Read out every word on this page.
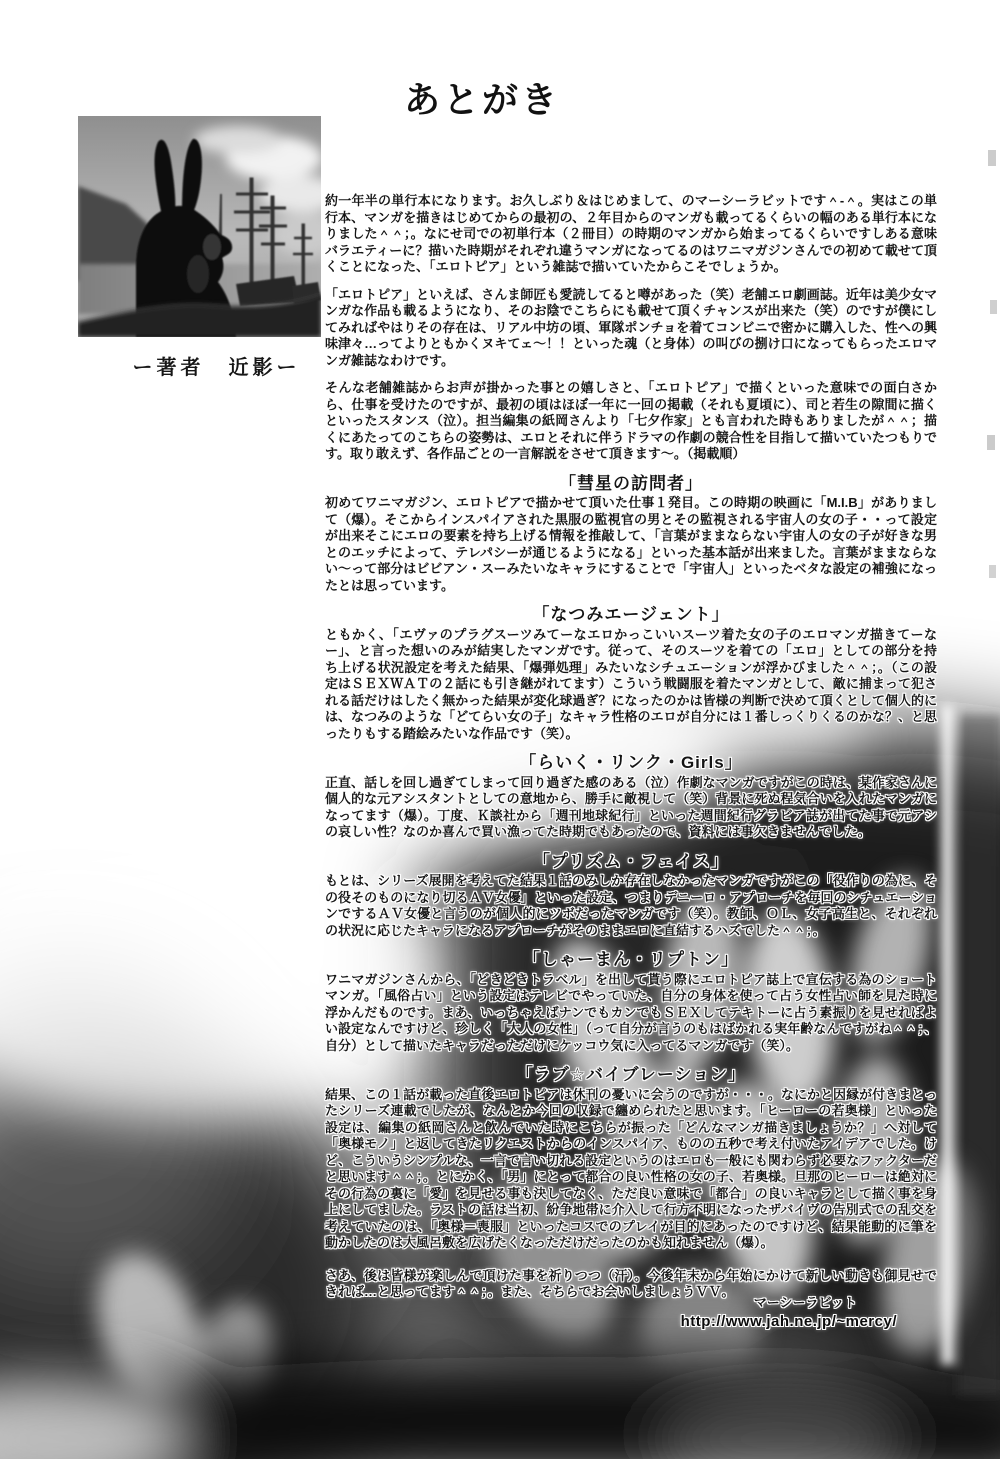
あとがき
ー著者　近影ー

約一年半の単行本になります。お久しぶり＆はじめまして、のマーシーラビットです＾-＾。実はこの単行本、マンガを描きはじめてからの最初の、２年目からのマンガも載ってるくらいの幅のある単行本になりました＾＾；。なにせ司での初単行本（２冊目）の時期のマンガから始まってるくらいですしある意味バラエティーに？描いた時期がそれぞれ違うマンガになってるのはワニマガジンさんでの初めて載せて頂くことになった、「エロトピア」という雑誌で描いていたからこそでしょうか。

「エロトピア」といえば、さんま師匠も愛読してると噂があった（笑）老舗エロ劇画誌。近年は美少女マンガな作品も載るようになり、そのお陰でこちらにも載せて頂くチャンスが出来た（笑）のですが僕にしてみればやはりその存在は、リアル中坊の頃、軍隊ポンチョを着てコンビニで密かに購入した、性への興味津々…ってよりともかくヌキてェ〜！！といった魂（と身体）の叫びの捌け口になってもらったエロマンガ雑誌なわけです。

そんな老舗雑誌からお声が掛かった事との嬉しさと、「エロトピア」で描くといった意味での面白さから、仕事を受けたのですが、最初の頃はほぼ一年に一回の掲載（それも夏頃に）、司と若生の隙間に描くといったスタンス（泣）。担当編集の紙岡さんより「七夕作家」とも言われた時もありましたが＾＾；描くにあたってのこちらの姿勢は、エロとそれに伴うドラマの作劇の競合性を目指して描いていたつもりです。取り敢えず、各作品ごとの一言解説をさせて頂きます〜。（掲載順）

「彗星の訪問者」

初めてワニマガジン、エロトピアで描かせて頂いた仕事１発目。この時期の映画に「M.I.B」がありまして（爆）。そこからインスパイアされた黒服の監視官の男とその監視される宇宙人の女の子・・って設定が出来そこにエロの要素を持ち上げる情報を推敲して、「言葉がままならない宇宙人の女の子が好きな男とのエッチによって、テレパシーが通じるようになる」といった基本話が出来ました。言葉がままならない〜って部分はビビアン・スーみたいなキャラにすることで「宇宙人」といったベタな設定の補強になったとは思っています。

「なつみエージェント」

ともかく、「エヴァのプラグスーツみてーなエロかっこいいスーツ着た女の子のエロマンガ描きてーなー」、と言った想いのみが結実したマンガです。従って、そのスーツを着ての「エロ」としての部分を持ち上げる状況設定を考えた結果、「爆弾処理」みたいなシチュエーションが浮かびました＾＾；。（この設定はＳＥＸＷＡＴの２話にも引き継がれてます）こういう戦闘服を着たマンガとして、敵に捕まって犯される話だけはしたく無かった結果が変化球過ぎ？になったのかは皆様の判断で決めて頂くとして個人的には、なつみのような「どてらい女の子」なキャラ性格のエロが自分には１番しっくりくるのかな？、と思ったりもする踏絵みたいな作品です（笑）。

「らいく・リンク・Girls」

正直、話しを回し過ぎてしまって回り過ぎた感のある（泣）作劇なマンガですがこの時は、某作家さんに個人的な元アシスタントとしての意地から、勝手に敵視して（笑）背景に死ぬ程気合いを入れたマンガになってます（爆）。丁度、Ｋ談社から「週刊地球紀行」といった週間紀行グラビア誌が出てた事で元アシの哀しい性？なのか喜んで買い漁ってた時期でもあったので、資料には事欠きませんでした。

「プリズム・フェイス」

もとは、シリーズ展開を考えてた結果１話のみしか存在しなかったマンガですがこの「役作りの為に、その役そのものになり切るＡＶ女優」といった設定、つまりデニーロ・アプローチを毎回のシチュエーションでするＡＶ女優と言うのが個人的にツボだったマンガです（笑）。教師、ＯＬ、女子高生と、それぞれの状況に応じたキャラになるアプローチがそのままエロに直結するハズでした＾＾；。

「しゃーまん・リプトン」

ワニマガジンさんから、「どきどきトラベル」を出して貰う際にエロトピア誌上で宣伝する為のショートマンガ。「風俗占い」という設定はテレビでやっていた、自分の身体を使って占う女性占い師を見た時に浮かんだものです。まあ、いっちゃえばナンでもカンでもＳＥＸしてテキトーに占う素振りを見せればよい設定なんですけど、珍しく「大人の女性」（って自分が言うのもはばかれる実年齢なんですがね＾＾；、自分）として描いたキャラだっただけにケッコウ気に入ってるマンガです（笑）。

「ラブ☆バイブレーション」

結果、この１話が載った直後エロトピアは休刊の憂いに会うのですが・・・。なにかと因縁が付きまとったシリーズ連載でしたが、なんとか今回の収録で纏められたと思います。「ヒーローの若奥様」といった設定は、編集の紙岡さんと飲んでいた時にこちらが振った「どんなマンガ描きましょうか？」へ対して「奥様モノ」と返してきたリクエストからのインスパイア、ものの五秒で考え付いたアイデアでした。けど、こういうシンプルな、一言で言い切れる設定というのはエロも一般にも関わらず必要なファクターだと思います＾＾；。とにかく、「男」にとって都合の良い性格の女の子、若奥様。旦那のヒーローは絶対にその行為の裏に「愛」を見せる事も決してなく、ただ良い意味で「都合」の良いキャラとして描く事を身上にしてました。ラストの話は当初、紛争地帯に介入して行方不明になったザバイヴの告別式での乱交を考えていたのは、「奥様＝喪服」といったコスでのプレイが目的にあったのですけど、結果能動的に筆を動かしたのは大風呂敷を広げたくなっただけだったのかも知れません（爆）。

さあ、後は皆様が楽しんで頂けた事を祈りつつ（汗）。今後年末から年始にかけて新しい動きも御見せできれば…と思ってます＾＾；。また、そちらでお会いしましょうＶＶ。

マーシーラビット
http://www.jah.ne.jp/~mercy/
